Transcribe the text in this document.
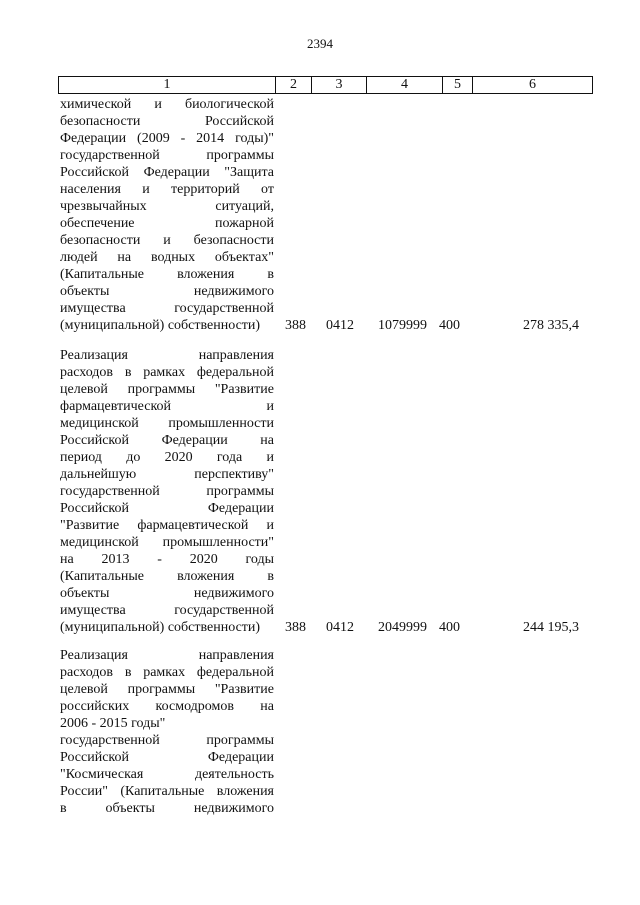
2394
1	2	3	4	5	6
химической и биологической
безопасности Российской
Федерации (2009 - 2014 годы)"
государственной программы
Российской Федерации "Защита
населения и территорий от
чрезвычайных ситуаций,
обеспечение пожарной
безопасности и безопасности
людей на водных объектах"
(Капитальные вложения в
объекты недвижимого
имущества государственной
(муниципальной) собственности)	388 0412 1079999 400	278 335,4
Реализация направления
расходов в рамках федеральной
целевой программы "Развитие
фармацевтической и
медицинской промышленности
Российской Федерации на
период до 2020 года и
дальнейшую перспективу"
государственной программы
Российской Федерации
"Развитие фармацевтической и
медицинской промышленности"
на 2013 - 2020 годы
(Капитальные вложения в
объекты недвижимого
имущества государственной
(муниципальной) собственности)	388 0412 2049999 400	244 195,3
Реализация направления
расходов в рамках федеральной
целевой программы "Развитие
российских космодромов на
2006 - 2015 годы"
государственной программы
Российской Федерации
"Космическая деятельность
России" (Капитальные вложения
в объекты недвижимого
